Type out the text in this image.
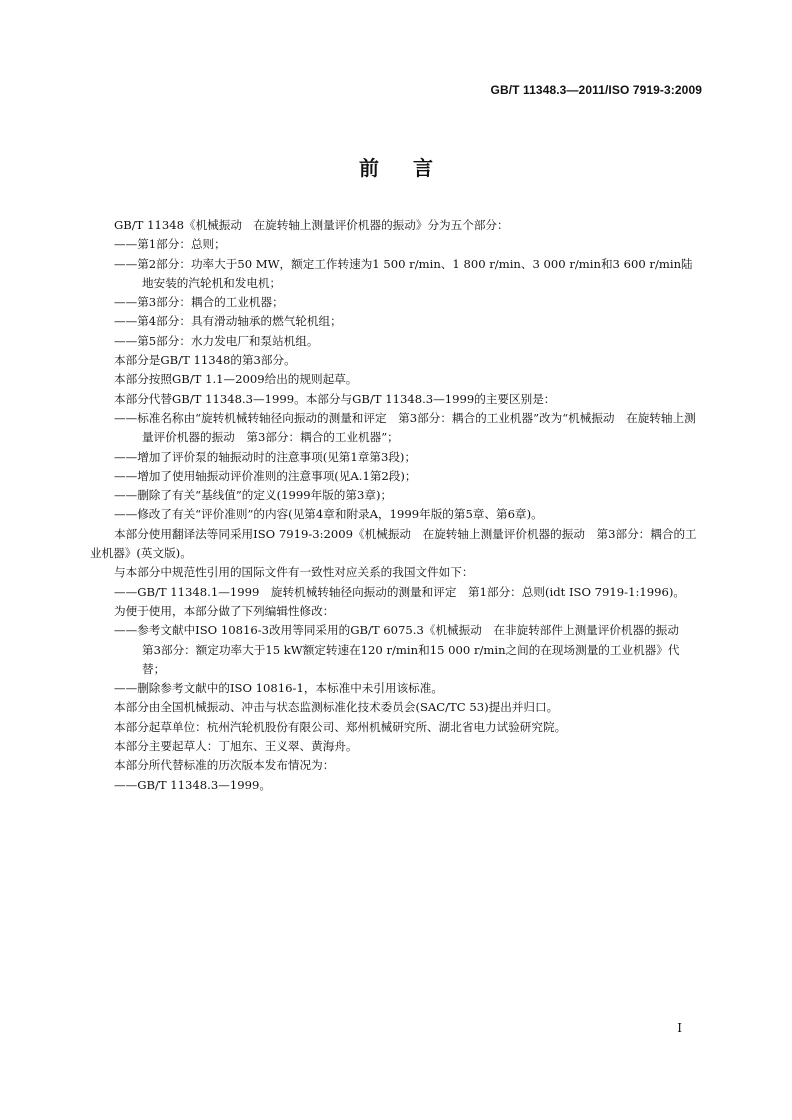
GB/T 11348.3—2011/ISO 7919-3:2009
前言

GB/T 11348《机械振动　在旋转轴上测量评价机器的振动》分为五个部分：

——第1部分：总则；

——第2部分：功率大于50 MW，额定工作转速为1 500 r/min、1 800 r/min、3 000 r/min和3 600 r/min陆地安装的汽轮机和发电机；

——第3部分：耦合的工业机器；

——第4部分：具有滑动轴承的燃气轮机组；

——第5部分：水力发电厂和泵站机组。

本部分是GB/T 11348的第3部分。

本部分按照GB/T 1.1—2009给出的规则起草。

本部分代替GB/T 11348.3—1999。本部分与GB/T 11348.3—1999的主要区别是：

——标准名称由“旋转机械转轴径向振动的测量和评定　第3部分：耦合的工业机器”改为“机械振动　在旋转轴上测量评价机器的振动　第3部分：耦合的工业机器”；

——增加了评价泵的轴振动时的注意事项(见第1章第3段)；

——增加了使用轴振动评价准则的注意事项(见A.1第2段)；

——删除了有关“基线值”的定义(1999年版的第3章)；

——修改了有关“评价准则”的内容(见第4章和附录A，1999年版的第5章、第6章)。

本部分使用翻译法等同采用ISO 7919-3:2009《机械振动　在旋转轴上测量评价机器的振动　第3部分：耦合的工业机器》(英文版)。

与本部分中规范性引用的国际文件有一致性对应关系的我国文件如下：

——GB/T 11348.1—1999　旋转机械转轴径向振动的测量和评定　第1部分：总则(idt ISO 7919-1:1996)。

为便于使用，本部分做了下列编辑性修改：

——参考文献中ISO 10816-3改用等同采用的GB/T 6075.3《机械振动　在非旋转部件上测量评价机器的振动　第3部分：额定功率大于15 kW额定转速在120 r/min和15 000 r/min之间的在现场测量的工业机器》代替；

——删除参考文献中的ISO 10816-1，本标准中未引用该标准。

本部分由全国机械振动、冲击与状态监测标准化技术委员会(SAC/TC 53)提出并归口。

本部分起草单位：杭州汽轮机股份有限公司、郑州机械研究所、湖北省电力试验研究院。

本部分主要起草人：丁旭东、王义翠、黄海舟。

本部分所代替标准的历次版本发布情况为：

——GB/T 11348.3—1999。

Ⅰ
